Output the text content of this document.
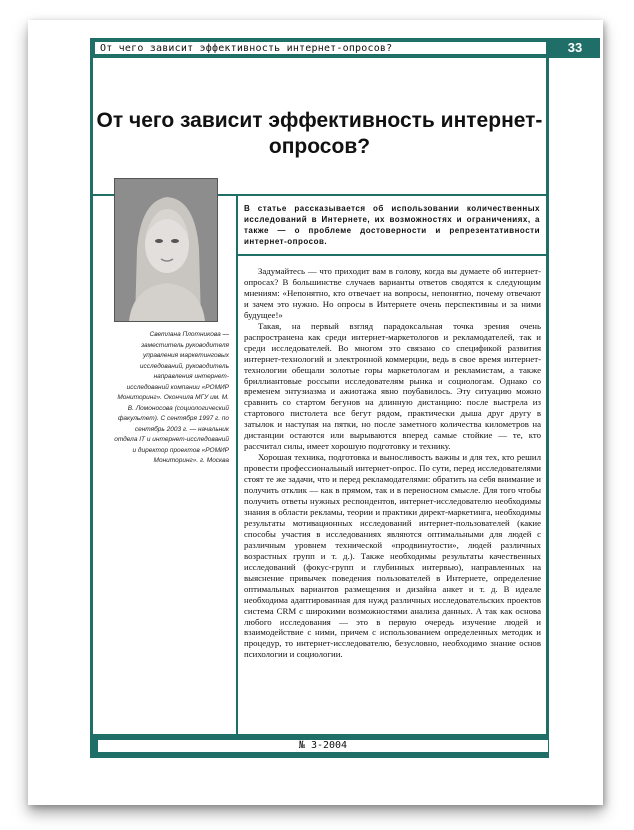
От чего зависит эффективность интернет-опросов?	33
От чего зависит эффективность интернет-опросов?
В статье рассказывается об использовании количественных исследований в Интернете, их возможностях и ограничениях, а также — о проблеме достоверности и репрезентативности интернет-опросов.
Светлана Плотникова — заместитель руководителя управления маркетинговых исследований, руководитель направления интернет-исследований компании «РОМИР Мониторинг». Окончила МГУ им. М. В. Ломоносова (социологический факультет). С сентября 1997 г. по сентябрь 2003 г. — начальник отдела IT и интернет-исследований и директор проектов «РОМИР Мониторинг». г. Москва

Задумайтесь — что приходит вам в голову, когда вы думаете об интернет-опросах? В большинстве случаев варианты ответов сводятся к следующим мнениям: «Непонятно, кто отвечает на вопросы, непонятно, почему отвечают и зачем это нужно. Но опросы в Интернете очень перспективны и за ними будущее!»

Такая, на первый взгляд парадоксальная точка зрения очень распространена как среди интернет-маркетологов и рекламодателей, так и среди исследователей. Во многом это связано со спецификой развития интернет-технологий и электронной коммерции, ведь в свое время интернет-технологии обещали золотые горы маркетологам и рекламистам, а также бриллиантовые россыпи исследователям рынка и социологам. Однако со временем энтузиазма и ажиотажа явно поубавилось. Эту ситуацию можно сравнить со стартом бегунов на длинную дистанцию: после выстрела из стартового пистолета все бегут рядом, практически дыша друг другу в затылок и наступая на пятки, но после заметного количества километров на дистанции остаются или вырываются вперед самые стойкие — те, кто рассчитал силы, имеет хорошую подготовку и технику.

Хорошая техника, подготовка и выносливость важны и для тех, кто решил провести профессиональный интернет-опрос. По сути, перед исследователями стоят те же задачи, что и перед рекламодателями: обратить на себя внимание и получить отклик — как в прямом, так и в переносном смысле. Для того чтобы получить ответы нужных респондентов, интернет-исследователю необходимы знания в области рекламы, теории и практики директ-маркетинга, необходимы результаты мотивационных исследований интернет-пользователей (какие способы участия в исследованиях являются оптимальными для людей с различным уровнем технической «продвинутости», людей различных возрастных групп и т. д.). Также необходимы результаты качественных исследований (фокус-групп и глубинных интервью), направленных на выяснение привычек поведения пользователей в Интернете, определение оптимальных вариантов размещения и дизайна анкет и т. д. В идеале необходима адаптированная для нужд различных исследовательских проектов система CRM с широкими возможностями анализа данных. А так как основа любого исследования — это в первую очередь изучение людей и взаимодействие с ними, причем с использованием определенных методик и процедур, то интернет-исследователю, безусловно, необходимо знание основ психологии и социологии.

№ 3-2004
